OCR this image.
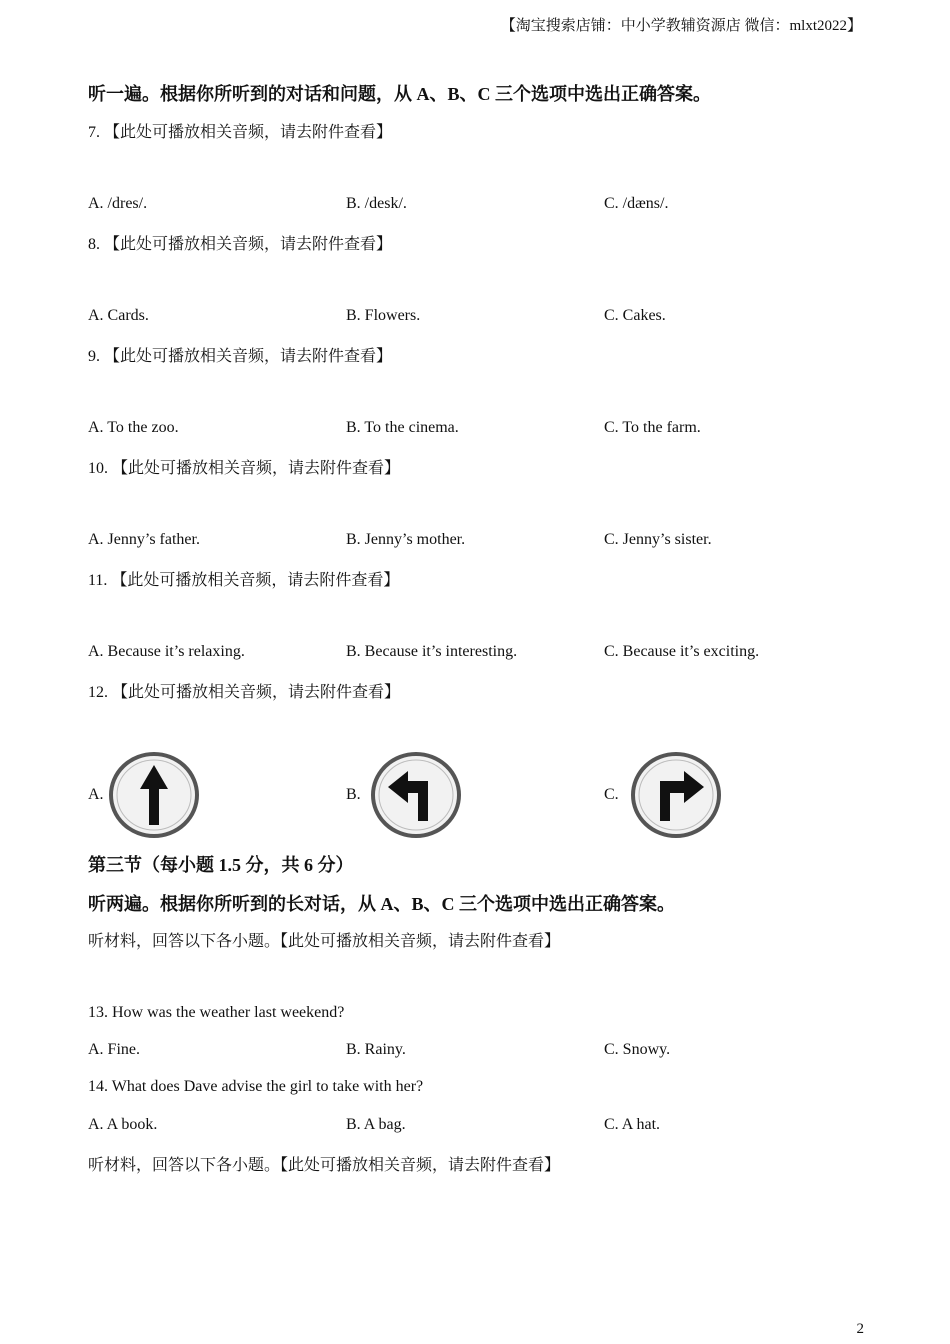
【淘宝搜索店铺：中小学教辅资源店 微信：mlxt2022】
听一遍。根据你所听到的对话和问题，从 A、B、C 三个选项中选出正确答案。
7. 【此处可播放相关音频，请去附件查看】
A. /dres/.	B. /desk/.	C. /dæns/.
8. 【此处可播放相关音频，请去附件查看】
A. Cards.	B. Flowers.	C. Cakes.
9. 【此处可播放相关音频，请去附件查看】
A. To the zoo.	B. To the cinema.	C. To the farm.
10. 【此处可播放相关音频，请去附件查看】
A. Jenny’s father.	B. Jenny’s mother.	C. Jenny’s sister.
11. 【此处可播放相关音频，请去附件查看】
A. Because it’s relaxing.	B. Because it’s interesting.	C. Because it’s exciting.
12. 【此处可播放相关音频，请去附件查看】
A.	B.	C.
第三节（每小题 1.5 分，共 6 分）
听两遍。根据你所听到的长对话，从 A、B、C 三个选项中选出正确答案。
听材料，回答以下各小题。【此处可播放相关音频，请去附件查看】
13. How was the weather last weekend?
A. Fine.	B. Rainy.	C. Snowy.
14. What does Dave advise the girl to take with her?
A. A book.	B. A bag.	C. A hat.
听材料，回答以下各小题。【此处可播放相关音频，请去附件查看】
2
